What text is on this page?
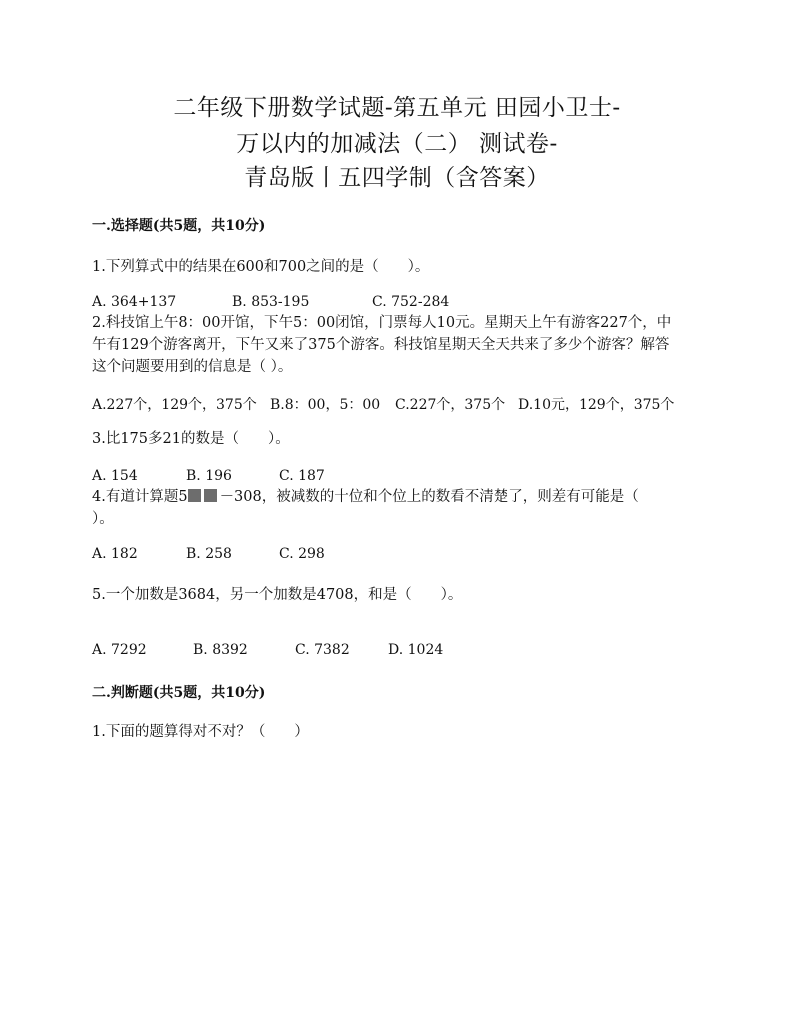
二年级下册数学试题-第五单元 田园小卫士-
万以内的加减法（二） 测试卷-
青岛版丨五四学制（含答案）
一.选择题(共5题，共10分)
1.下列算式中的结果在600和700之间的是（　　）。
A. 364+137	B. 853-195	C. 752-284
2.科技馆上午8：00开馆，下午5：00闭馆，门票每人10元。星期天上午有游客227个，中
午有129个游客离开，下午又来了375个游客。科技馆星期天全天共来了多少个游客？解答
这个问题要用到的信息是（ ）。
A.227个，129个，375个 B.8：00，5：00 C.227个，375个 D.10元，129个，375个
3.比175多21的数是（　　）。
A. 154	B. 196	C. 187
4.有道计算题5 －308，被减数的十位和个位上的数看不清楚了，则差有可能是（
）。
A. 182	B. 258	C. 298
5.一个加数是3684，另一个加数是4708，和是（　　）。
A. 7292	B. 8392	C. 7382	D. 1024
二.判断题(共5题，共10分)
1.下面的题算得对不对？（　　）
